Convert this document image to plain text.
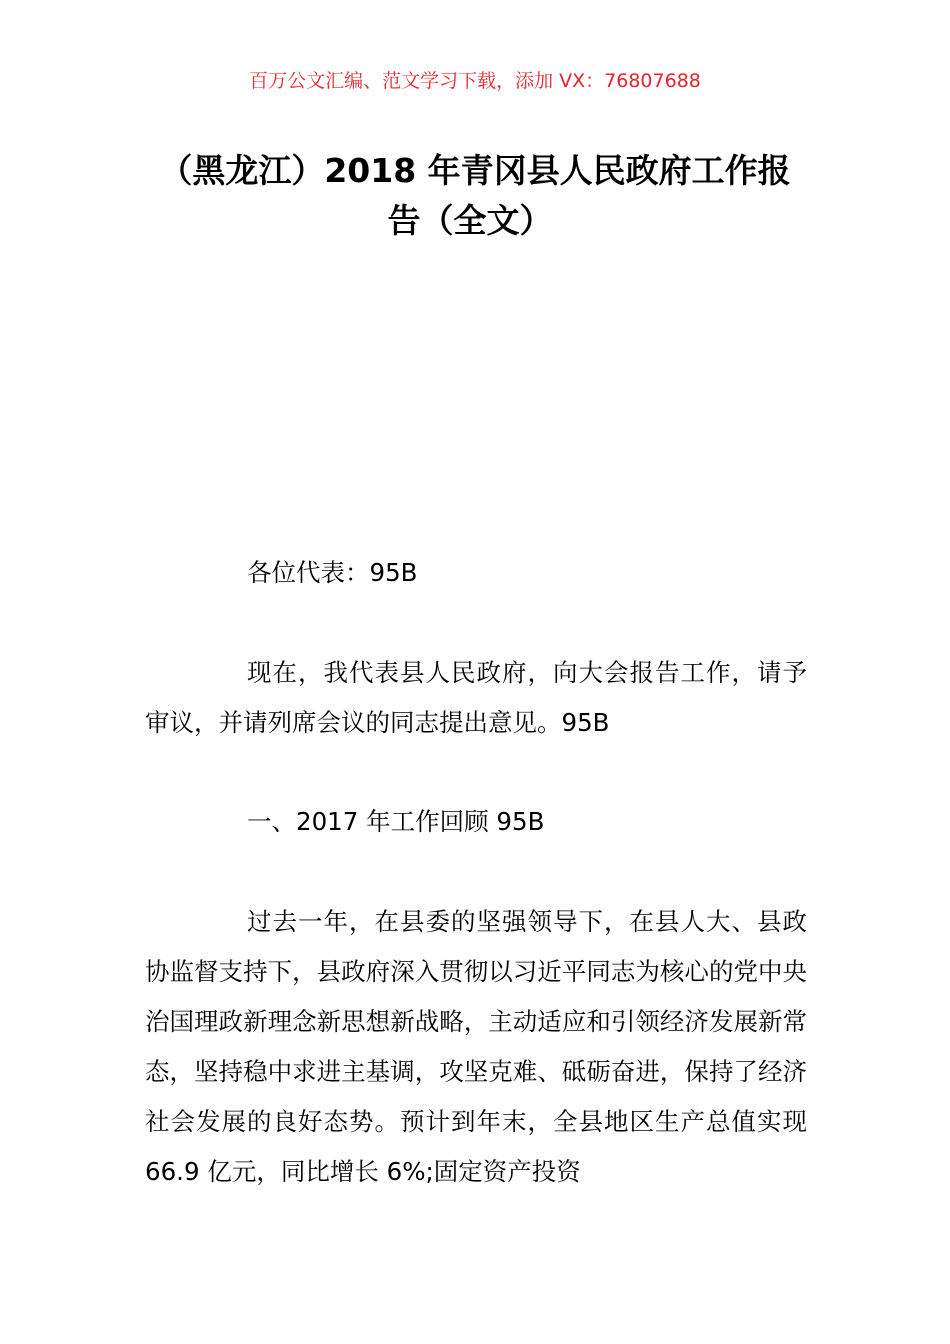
百万公文汇编、范文学习下载，添加 VX：76807688
（黑龙江）2018 年青冈县人民政府工作报
告（全文）

各位代表：95B

现在，我代表县人民政府，向大会报告工作，请予审议，并请列席会议的同志提出意见。95B

一、2017 年工作回顾 95B

过去一年，在县委的坚强领导下，在县人大、县政协监督支持下，县政府深入贯彻以习近平同志为核心的党中央治国理政新理念新思想新战略，主动适应和引领经济发展新常态，坚持稳中求进主基调，攻坚克难、砥砺奋进，保持了经济社会发展的良好态势。预计到年末，全县地区生产总值实现 66.9 亿元，同比增长 6%;固定资产投资
